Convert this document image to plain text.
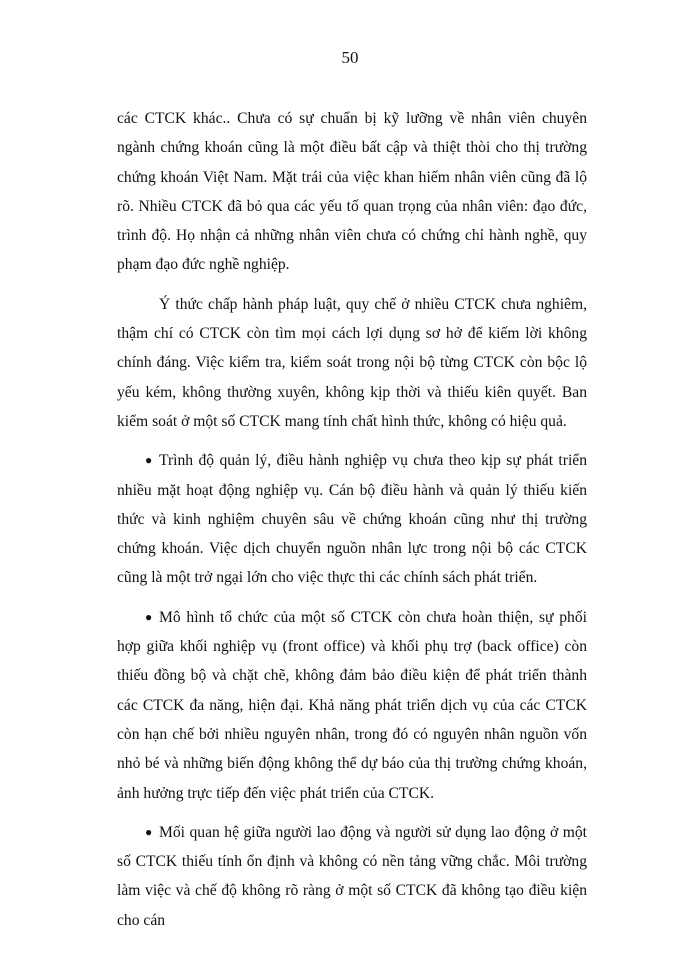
50

các CTCK khác.. Chưa có sự chuẩn bị kỹ lưỡng về nhân viên chuyên ngành chứng khoán cũng là một điều bất cập và thiệt thòi cho thị trường chứng khoán Việt Nam. Mặt trái của việc khan hiếm nhân viên cũng đã lộ rõ. Nhiều CTCK đã bỏ qua các yếu tố quan trọng của nhân viên: đạo đức, trình độ. Họ nhận cả những nhân viên chưa có chứng chỉ hành nghề, quy phạm đạo đức nghề nghiệp.

Ý thức chấp hành pháp luật, quy chế ở nhiều CTCK chưa nghiêm, thậm chí có CTCK còn tìm mọi cách lợi dụng sơ hở để kiếm lời không chính đáng. Việc kiểm tra, kiểm soát trong nội bộ từng CTCK còn bộc lộ yếu kém, không thường xuyên, không kịp thời và thiếu kiên quyết. Ban kiểm soát ở một số CTCK mang tính chất hình thức, không có hiệu quả.

● Trình độ quản lý, điều hành nghiệp vụ chưa theo kịp sự phát triển nhiều mặt hoạt động nghiệp vụ. Cán bộ điều hành và quản lý thiếu kiến thức và kinh nghiệm chuyên sâu về chứng khoán cũng như thị trường chứng khoán. Việc dịch chuyển nguồn nhân lực trong nội bộ các CTCK cũng là một trở ngại lớn cho việc thực thi các chính sách phát triển.

● Mô hình tổ chức của một số CTCK còn chưa hoàn thiện, sự phối hợp giữa khối nghiệp vụ (front office) và khối phụ trợ (back office) còn thiếu đồng bộ và chặt chẽ, không đảm bảo điều kiện để phát triển thành các CTCK đa năng, hiện đại. Khả năng phát triển dịch vụ của các CTCK còn hạn chế bởi nhiều nguyên nhân, trong đó có nguyên nhân nguồn vốn nhỏ bé và những biến động không thể dự báo của thị trường chứng khoán, ảnh hưởng trực tiếp đến việc phát triển của CTCK.

● Mối quan hệ giữa người lao động và người sử dụng lao động ở một số CTCK thiếu tính ổn định và không có nền tảng vững chắc. Môi trường làm việc và chế độ không rõ ràng ở một số CTCK đã không tạo điều kiện cho cán
